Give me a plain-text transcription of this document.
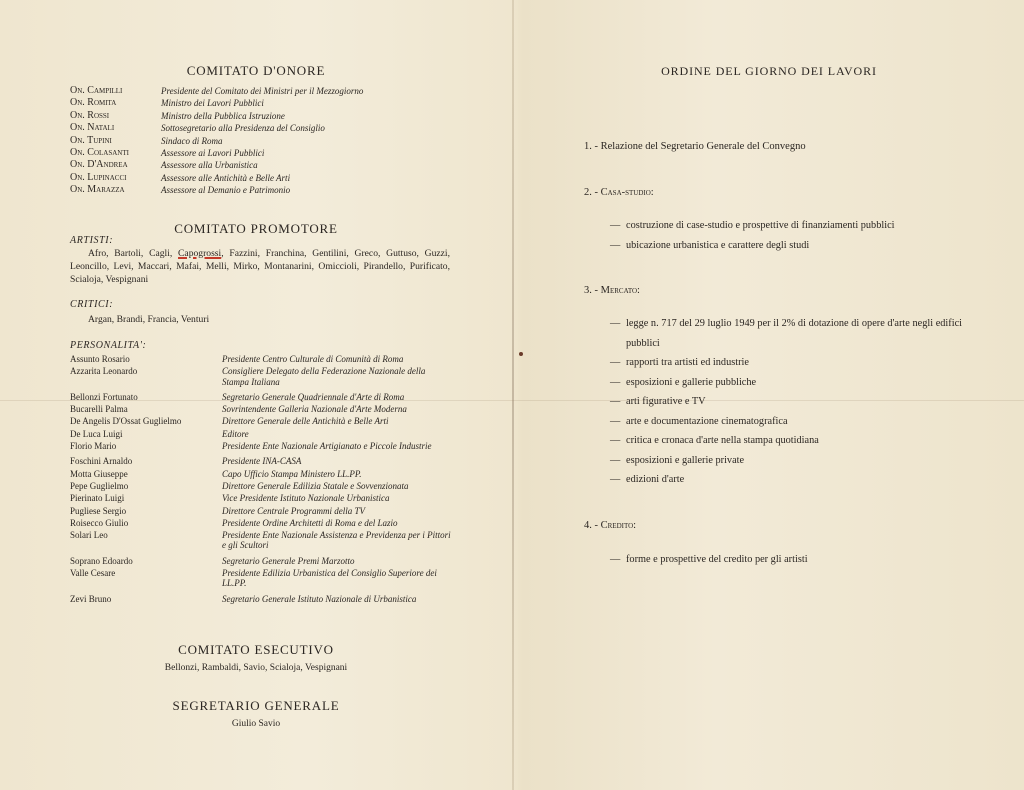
COMITATO D'ONORE
On. Campilli	Presidente del Comitato dei Ministri per il Mezzogiorno
On. Romita	Ministro dei Lavori Pubblici
On. Rossi	Ministro della Pubblica Istruzione
On. Natali	Sottosegretario alla Presidenza del Consiglio
On. Tupini	Sindaco di Roma
On. Colasanti	Assessore ai Lavori Pubblici
On. D'Andrea	Assessore alla Urbanistica
On. Lupinacci	Assessore alle Antichità e Belle Arti
On. Marazza	Assessore al Demanio e Patrimonio
COMITATO PROMOTORE
ARTISTI:
Afro, Bartoli, Cagli, Capogrossi, Fazzini, Franchina, Gentilini, Greco, Guttuso, Guzzi, Leoncillo, Levi, Maccari, Mafai, Melli, Mirko, Montanarini, Omiccioli, Pirandello, Purificato, Scialoja, Vespignani
CRITICI:
Argan, Brandi, Francia, Venturi
PERSONALITA':
Assunto Rosario	Presidente Centro Culturale di Comunità di Roma
Azzarita Leonardo	Consigliere Delegato della Federazione Nazionale della Stampa Italiana
Bellonzi Fortunato	Segretario Generale Quadriennale d'Arte di Roma
Bucarelli Palma	Sovrintendente Galleria Nazionale d'Arte Moderna
De Angelis D'Ossat Guglielmo	Direttore Generale delle Antichità e Belle Arti
De Luca Luigi	Editore
Florio Mario	Presidente Ente Nazionale Artigianato e Piccole Industrie
Foschini Arnaldo	Presidente INA-CASA
Motta Giuseppe	Capo Ufficio Stampa Ministero LL.PP.
Pepe Guglielmo	Direttore Generale Edilizia Statale e Sovvenzionata
Pierinato Luigi	Vice Presidente Istituto Nazionale Urbanistica
Pugliese Sergio	Direttore Centrale Programmi della TV
Roisecco Giulio	Presidente Ordine Architetti di Roma e del Lazio
Solari Leo	Presidente Ente Nazionale Assistenza e Previdenza per i Pittori e gli Scultori
Soprano Edoardo	Segretario Generale Premi Marzotto
Valle Cesare	Presidente Edilizia Urbanistica del Consiglio Superiore dei LL.PP.
Zevi Bruno	Segretario Generale Istituto Nazionale di Urbanistica
COMITATO ESECUTIVO
Bellonzi, Rambaldi, Savio, Scialoja, Vespignani
SEGRETARIO GENERALE
Giulio Savio
ORDINE DEL GIORNO DEI LAVORI
1. - Relazione del Segretario Generale del Convegno
2. - Casa-studio:
— costruzione di case-studio e prospettive di finanziamenti pubblici
— ubicazione urbanistica e carattere degli studi
3. - Mercato:
— legge n. 717 del 29 luglio 1949 per il 2% di dotazione di opere d'arte negli edifici pubblici
— rapporti tra artisti ed industrie
— esposizioni e gallerie pubbliche
— arti figurative e TV
— arte e documentazione cinematografica
— critica e cronaca d'arte nella stampa quotidiana
— esposizioni e gallerie private
— edizioni d'arte
4. - Credito:
— forme e prospettive del credito per gli artisti
